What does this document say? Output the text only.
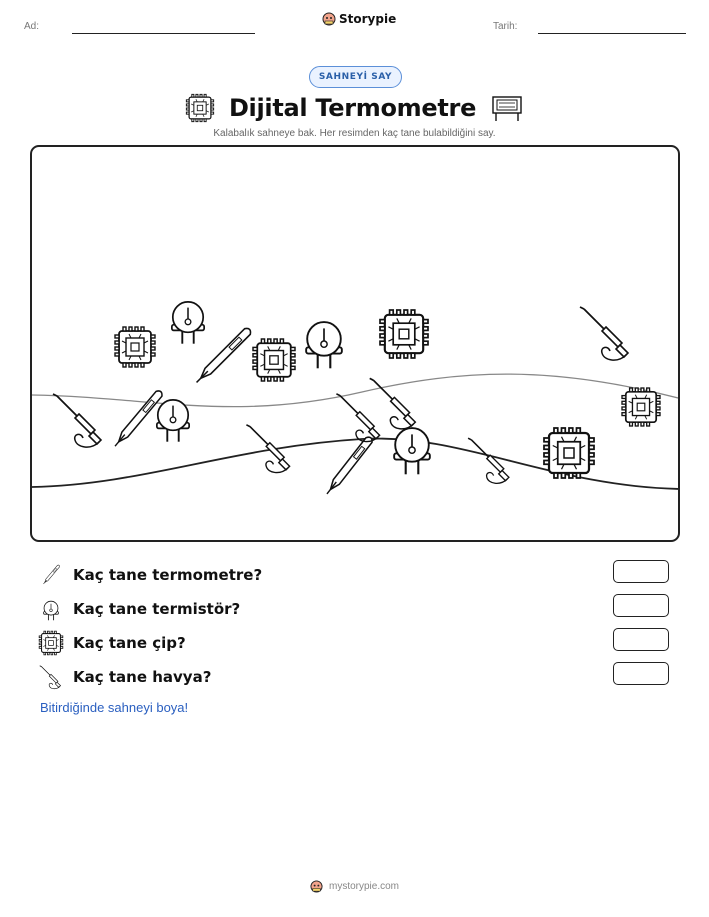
Ad:
Storypie
Tarih:
SAHNEYİ SAY
Dijital Termometre
Kalabalık sahneye bak. Her resimden kaç tane bulabildiğini say.
Kaç tane termometre?
Kaç tane termistör?
Kaç tane çip?
Kaç tane havya?
Bitirdiğinde sahneyi boya!
mystorypie.com
